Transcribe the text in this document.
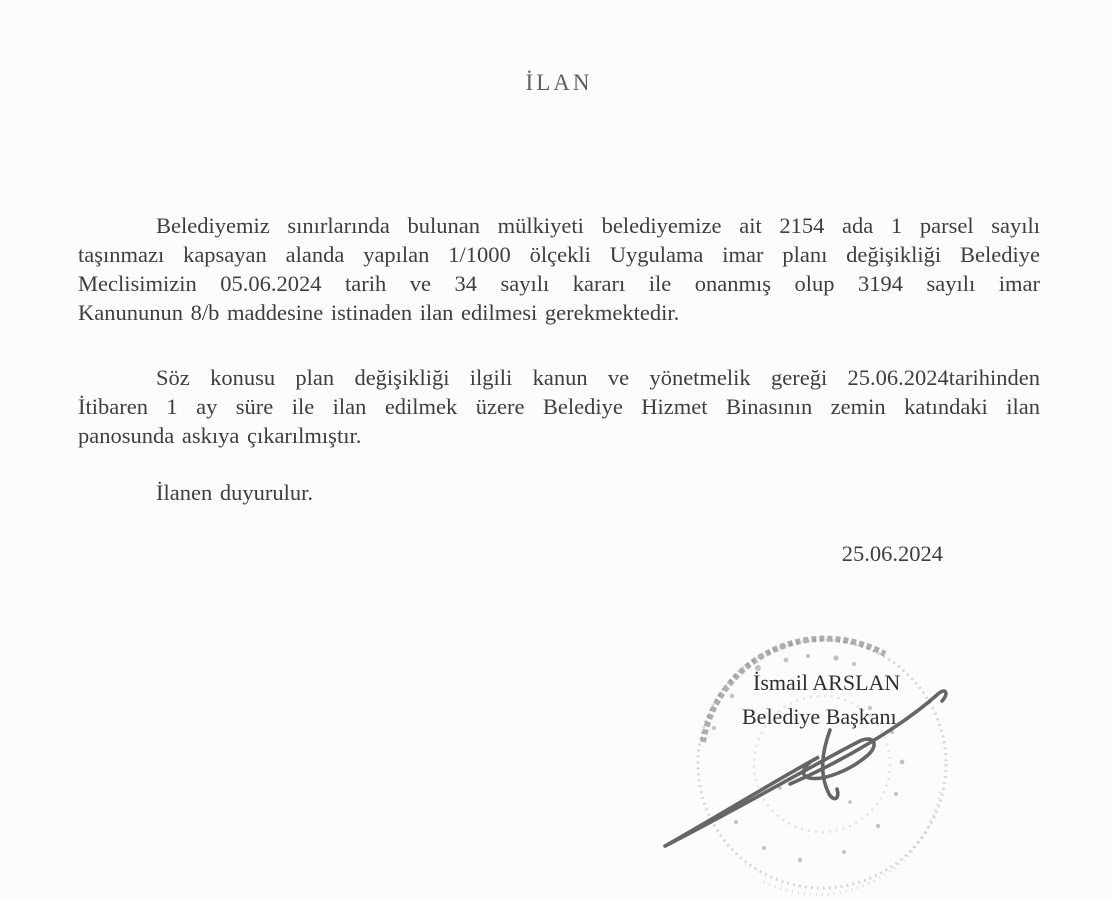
İLAN
Belediyemiz sınırlarında bulunan mülkiyeti belediyemize ait 2154 ada 1 parsel sayılı
taşınmazı kapsayan alanda yapılan 1/1000 ölçekli Uygulama imar planı değişikliği Belediye
Meclisimizin 05.06.2024 tarih ve 34 sayılı kararı ile onanmış olup 3194 sayılı imar
Kanununun 8/b maddesine istinaden ilan edilmesi gerekmektedir.
Söz konusu plan değişikliği ilgili kanun ve yönetmelik gereği 25.06.2024tarihinden
İtibaren 1 ay süre ile ilan edilmek üzere Belediye Hizmet Binasının zemin katındaki ilan
panosunda askıya çıkarılmıştır.
İlanen duyurulur.
25.06.2024
İsmail ARSLAN
Belediye Başkanı
